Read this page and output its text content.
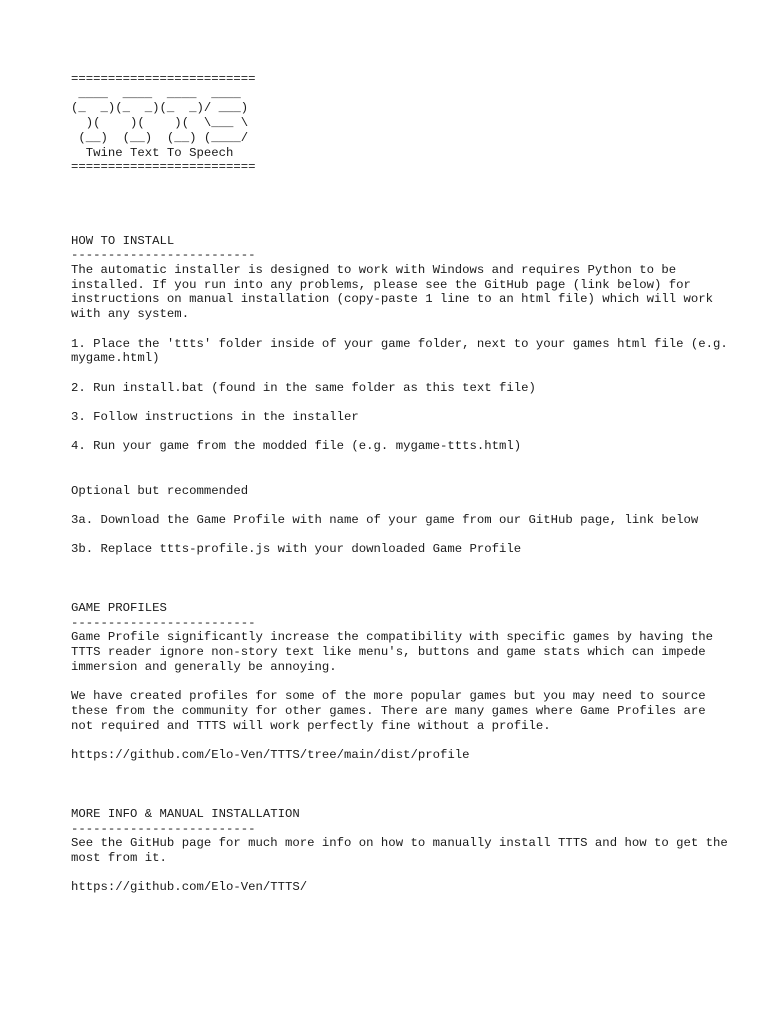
=========================
____  ____  ____  ____
(_  _)(_  _)(_  _)/ ___)
)(    )(    )(  \___ \
(__)  (__)  (__) (____/
Twine Text To Speech
=========================
HOW TO INSTALL
-------------------------
The automatic installer is designed to work with Windows and requires Python to be installed. If you run into any problems, please see the GitHub page (link below) for instructions on manual installation (copy-paste 1 line to an html file) which will work with any system.
1. Place the 'ttts' folder inside of your game folder, next to your games html file (e.g. mygame.html)
2. Run install.bat (found in the same folder as this text file)
3. Follow instructions in the installer
4. Run your game from the modded file (e.g. mygame-ttts.html)
Optional but recommended
3a. Download the Game Profile with name of your game from our GitHub page, link below
3b. Replace ttts-profile.js with your downloaded Game Profile
GAME PROFILES
-------------------------
Game Profile significantly increase the compatibility with specific games by having the TTTS reader ignore non-story text like menu's, buttons and game stats which can impede immersion and generally be annoying.
We have created profiles for some of the more popular games but you may need to source these from the community for other games. There are many games where Game Profiles are not required and TTTS will work perfectly fine without a profile.
https://github.com/Elo-Ven/TTTS/tree/main/dist/profile
MORE INFO & MANUAL INSTALLATION
-------------------------
See the GitHub page for much more info on how to manually install TTTS and how to get the most from it.
https://github.com/Elo-Ven/TTTS/
